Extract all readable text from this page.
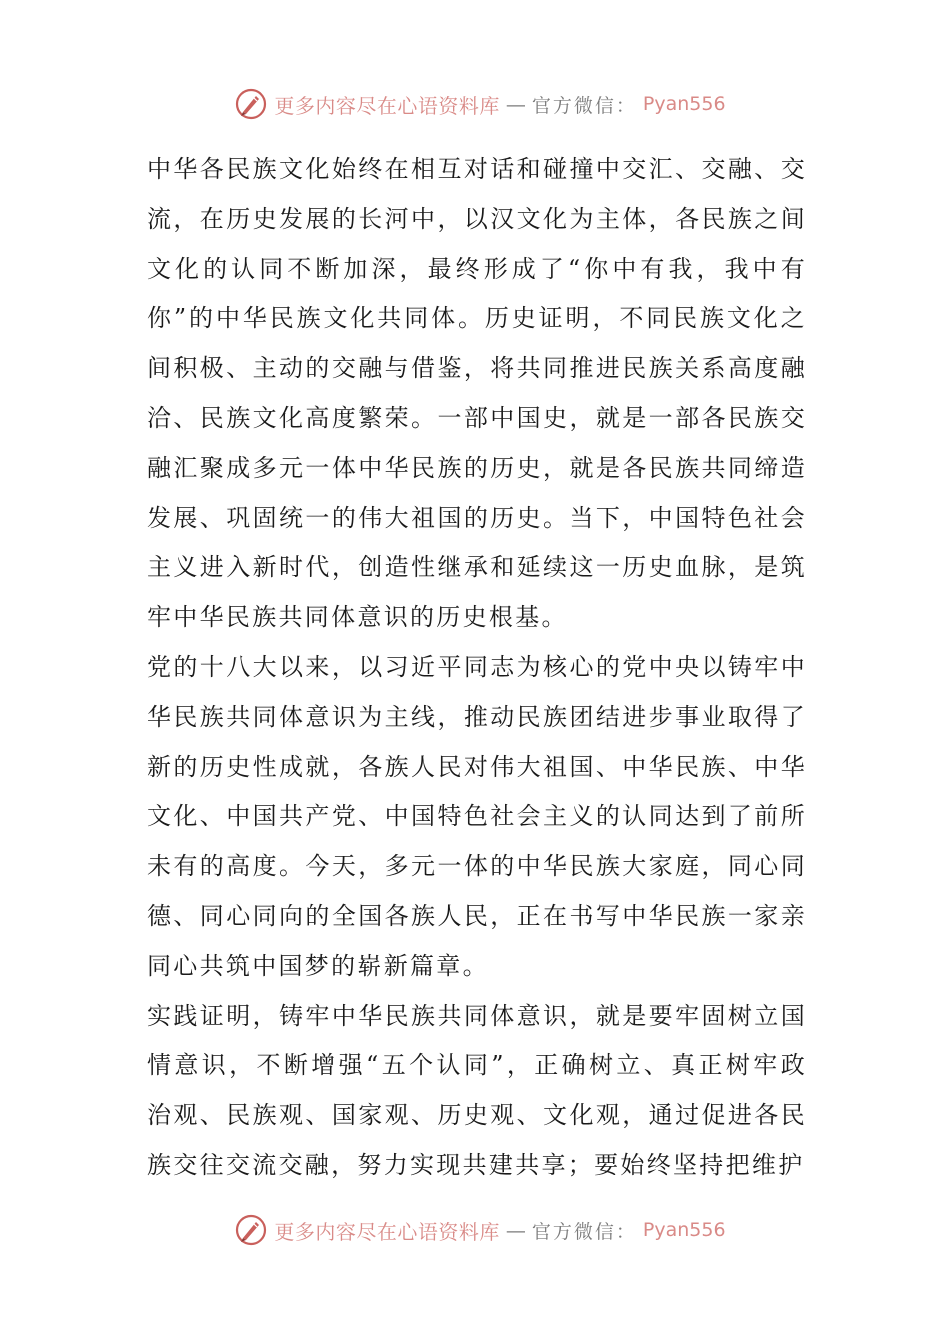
更多内容尽在心语资料库 — 官方微信： Pyan556

中华各民族文化始终在相互对话和碰撞中交汇、交融、交流，在历史发展的长河中，以汉文化为主体，各民族之间文化的认同不断加深，最终形成了“你中有我，我中有你”的中华民族文化共同体。历史证明，不同民族文化之间积极、主动的交融与借鉴，将共同推进民族关系高度融洽、民族文化高度繁荣。一部中国史，就是一部各民族交融汇聚成多元一体中华民族的历史，就是各民族共同缔造发展、巩固统一的伟大祖国的历史。当下，中国特色社会主义进入新时代，创造性继承和延续这一历史血脉，是筑牢中华民族共同体意识的历史根基。

党的十八大以来，以习近平同志为核心的党中央以铸牢中华民族共同体意识为主线，推动民族团结进步事业取得了新的历史性成就，各族人民对伟大祖国、中华民族、中华文化、中国共产党、中国特色社会主义的认同达到了前所未有的高度。今天，多元一体的中华民族大家庭，同心同德、同心同向的全国各族人民，正在书写中华民族一家亲同心共筑中国梦的崭新篇章。

实践证明，铸牢中华民族共同体意识，就是要牢固树立国情意识，不断增强“五个认同”，正确树立、真正树牢政治观、民族观、国家观、历史观、文化观，通过促进各民族交往交流交融，努力实现共建共享；要始终坚持把维护

更多内容尽在心语资料库 — 官方微信： Pyan556
